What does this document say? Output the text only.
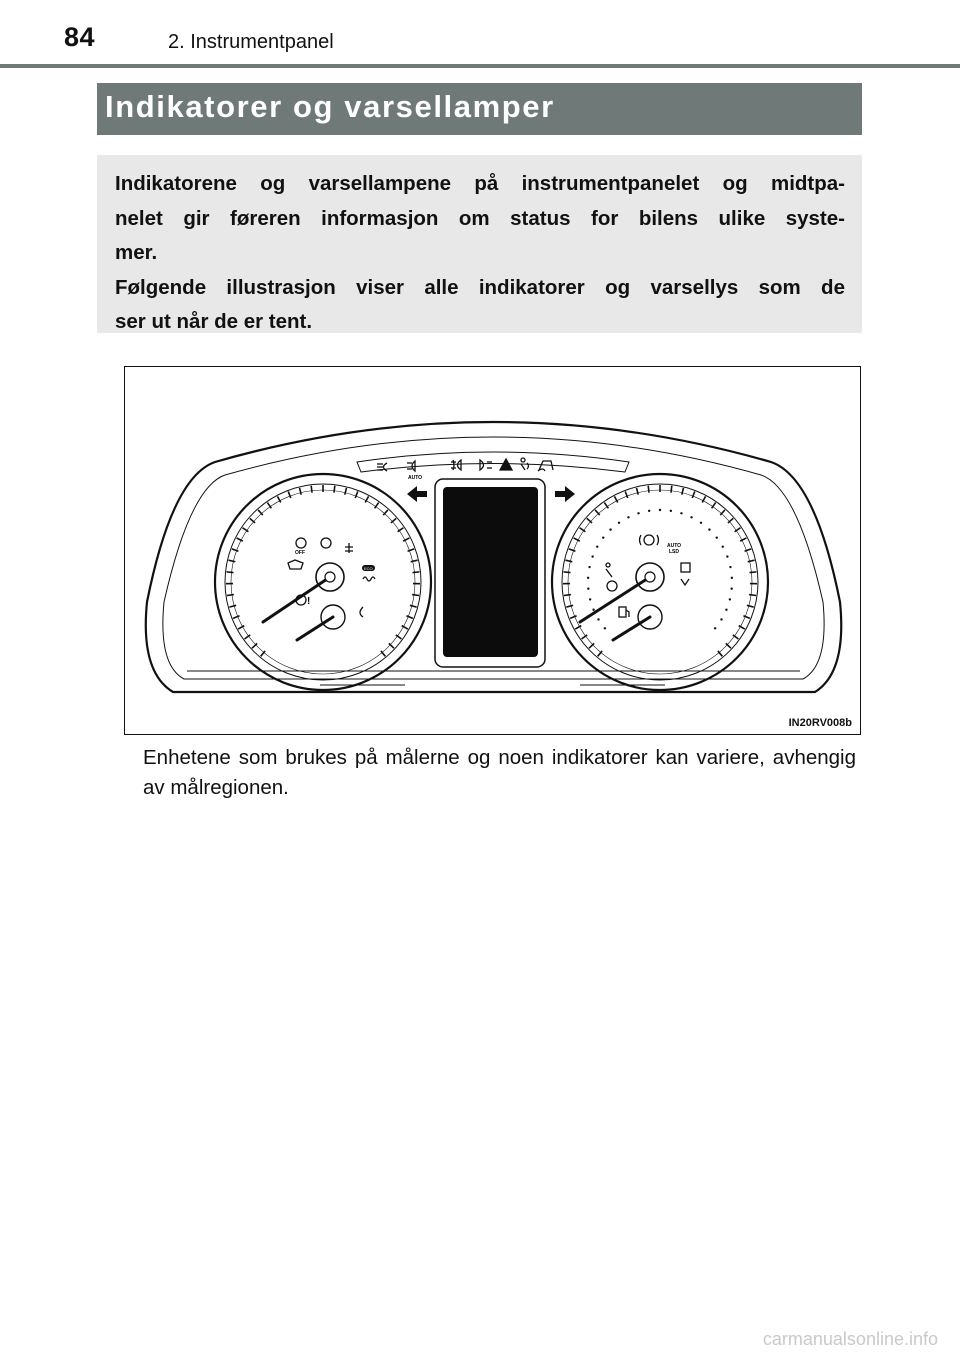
84	2. Instrumentpanel
Indikatorer og varsellamper

Indikatorene og varsellampene på instrumentpanelet og midtpa-
nelet gir føreren informasjon om status for bilens ulike syste-
mer.
Følgende illustrasjon viser alle indikatorer og varsellys som de
ser ut når de er tent.

AUTO
OFF
ECO
!
AUTO
LSD
IN20RV008b

Enhetene som brukes på målerne og noen indikatorer kan variere, avhengig av målregionen.

carmanualsonline.info
